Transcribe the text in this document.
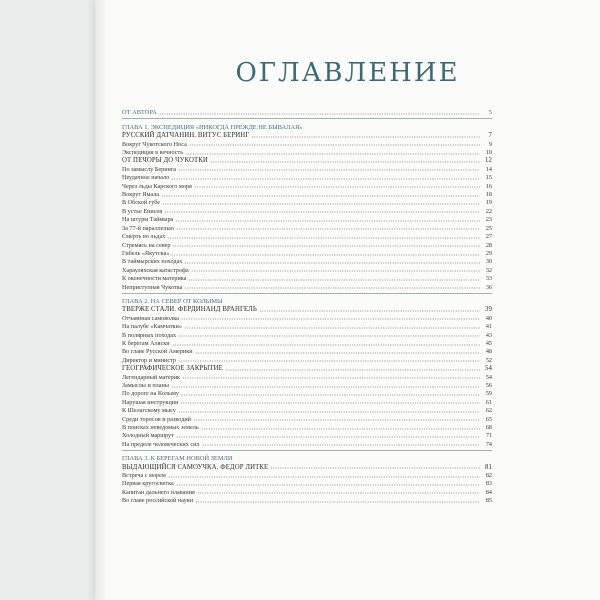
ОГЛАВЛЕНИЕ
ОТ АВТОРА	5
ГЛАВА 1. ЭКСПЕДИЦИЯ «НИКОГДА ПРЕЖДЕ НЕ БЫВАЛАЯ»
РУССКИЙ ДАТЧАНИН. ВИТУС БЕРИНГ	7
Вокруг Чукотского Носа	9
Экспедиция в вечность	10
ОТ ПЕЧОРЫ ДО ЧУКОТКИ	12
По замыслу Беринга	14
Неудачное начало	15
Через льды Карского моря	16
Вокруг Ямала	18
В Обской губе	19
В устье Енисея	22
На штурм Таймыра	23
За 77-й параллелью	25
Смерть во льдах	27
Стремясь на север	28
Гибель «Якутска»	29
В таймырских походах	30
Харауляхская катастрофа	32
К оконечности материка	33
Неприступная Чукотка	36
ГЛАВА 2. НА СЕВЕР ОТ КОЛЫМЫ
ТВЕРЖЕ СТАЛИ. ФЕРДИНАНД ВРАНГЕЛЬ	39
Отчаянная самоволка	40
На палубе «Камчатки»	41
В полярных походах	43
К берегам Аляски	45
Во главе Русской Америки	48
Директор и министр	52
ГЕОГРАФИЧЕСКОЕ ЗАКРЫТИЕ	54
Легендарный материк	54
Замыслы и планы	56
По дороге на Колыму	59
Нарушая инструкции	61
К Шелагскому мысу	62
Среди торосов и разводий	65
В поисках неведомых земель	68
Холодный маршрут	71
На пределе человеческих сил	74
ГЛАВА 3. К БЕРЕГАМ НОВОЙ ЗЕМЛИ
ВЫДАЮЩИЙСЯ САМОУЧКА. ФЕДОР ЛИТКЕ	81
Встреча с морем	82
Первая кругосветка	83
Капитан дальнего плавания	84
Во главе российской науки	85
